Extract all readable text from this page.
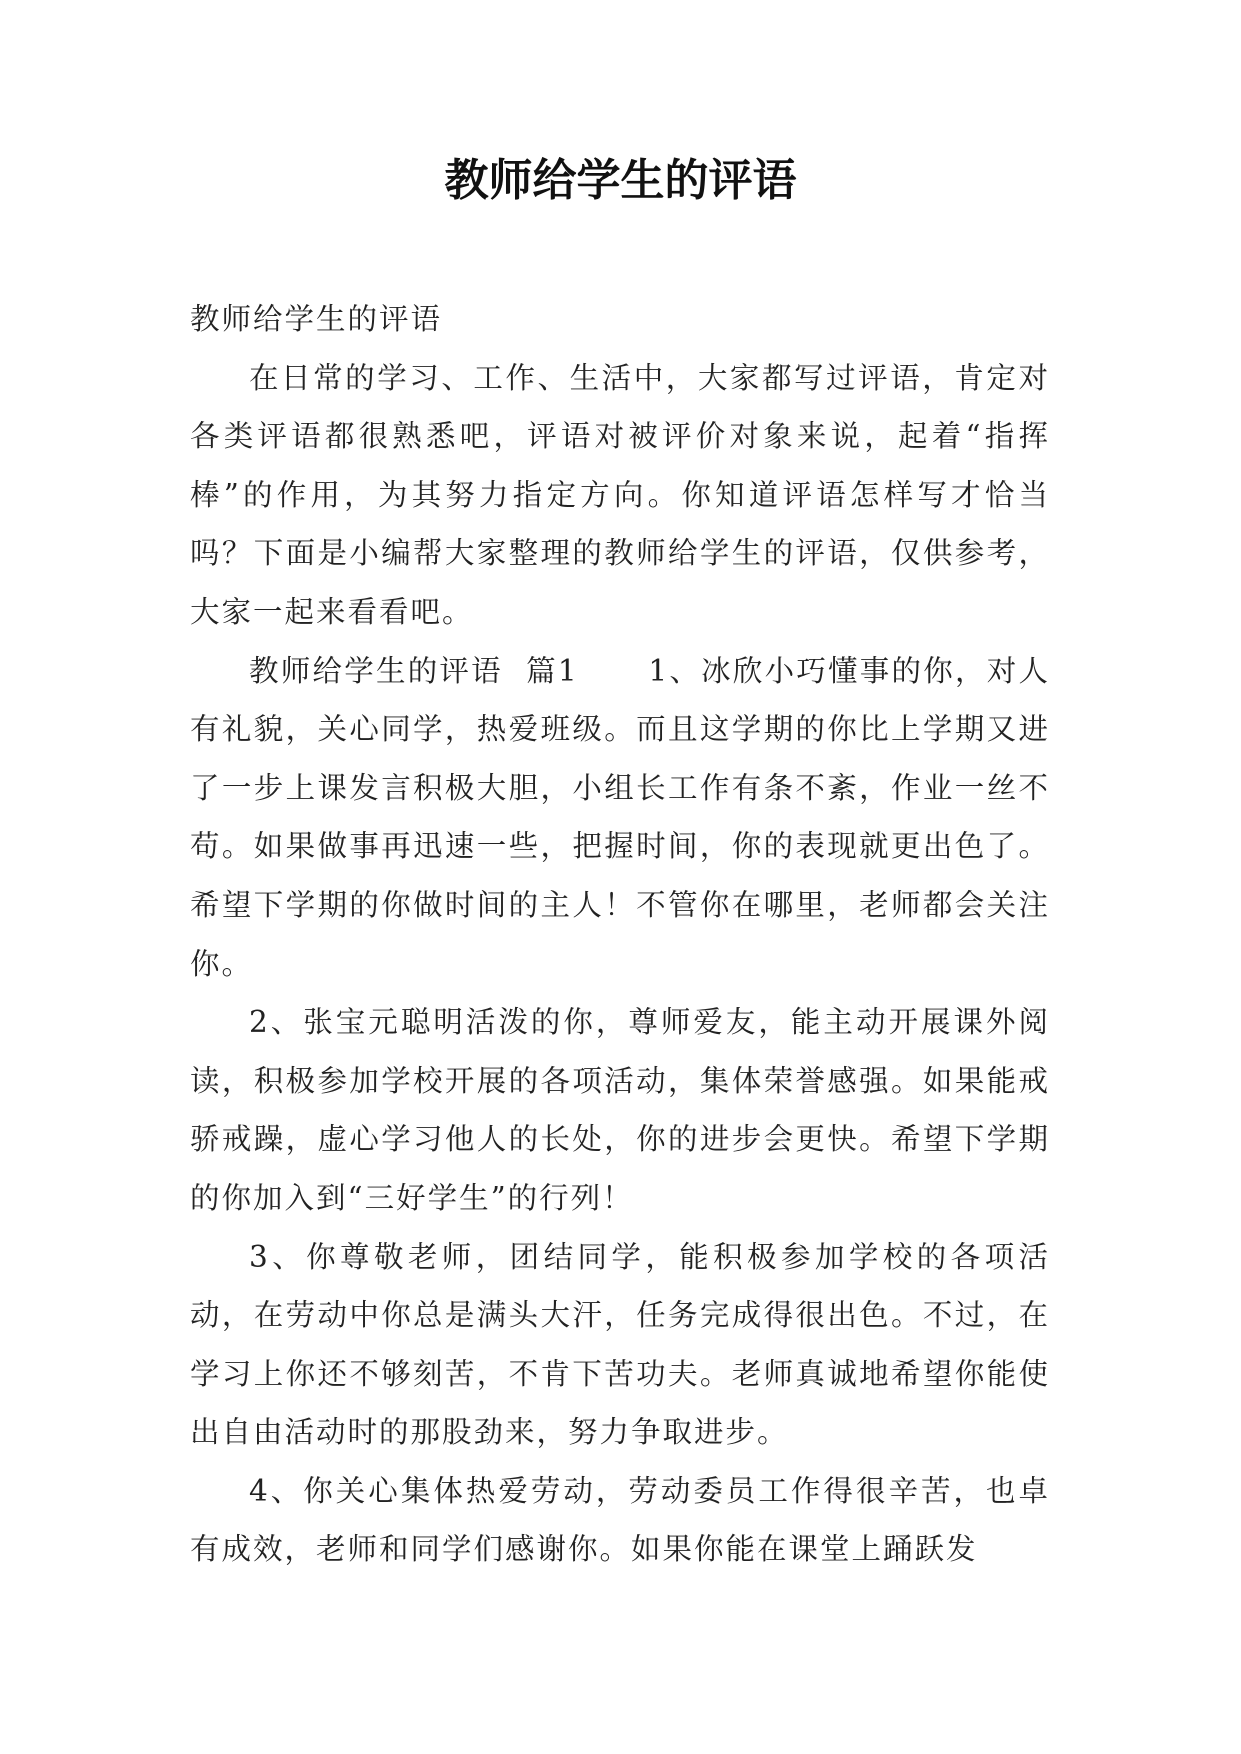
教师给学生的评语

教师给学生的评语

在日常的学习、工作、生活中，大家都写过评语，肯定对各类评语都很熟悉吧，评语对被评价对象来说，起着“指挥棒”的作用，为其努力指定方向。你知道评语怎样写才恰当吗？下面是小编帮大家整理的教师给学生的评语，仅供参考，大家一起来看看吧。

教师给学生的评语  篇1      1、冰欣小巧懂事的你，对人有礼貌，关心同学，热爱班级。而且这学期的你比上学期又进了一步上课发言积极大胆，小组长工作有条不紊，作业一丝不苟。如果做事再迅速一些，把握时间，你的表现就更出色了。希望下学期的你做时间的主人！不管你在哪里，老师都会关注你。

2、张宝元聪明活泼的你，尊师爱友，能主动开展课外阅读，积极参加学校开展的各项活动，集体荣誉感强。如果能戒骄戒躁，虚心学习他人的长处，你的进步会更快。希望下学期的你加入到“三好学生”的行列！

3、你尊敬老师，团结同学，能积极参加学校的各项活动，在劳动中你总是满头大汗，任务完成得很出色。不过，在学习上你还不够刻苦，不肯下苦功夫。老师真诚地希望你能使出自由活动时的那股劲来，努力争取进步。

4、你关心集体热爱劳动，劳动委员工作得很辛苦，也卓有成效，老师和同学们感谢你。如果你能在课堂上踊跃发
